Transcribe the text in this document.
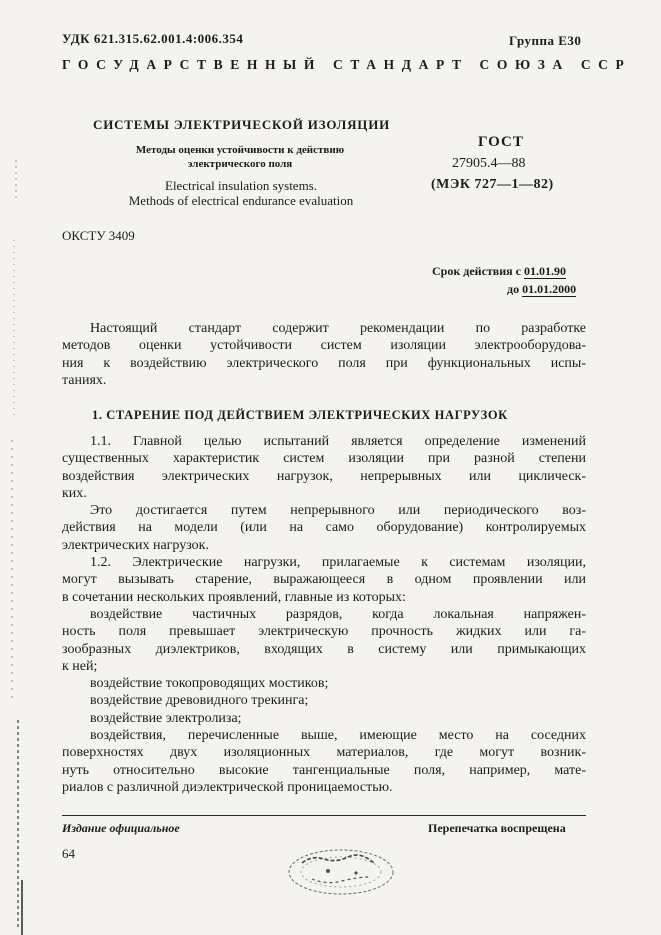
УДК 621.315.62.001.4:006.354	Группа Е30
ГОСУДАРСТВЕННЫЙ СТАНДАРТ СОЮЗА ССР
СИСТЕМЫ ЭЛЕКТРИЧЕСКОЙ ИЗОЛЯЦИИ
Методы оценки устойчивости к действию
электрического поля
Electrical insulation systems.
Methods of electrical endurance evaluation
ГОСТ
27905.4—88
(МЭК 727—1—82)
ОКСТУ 3409
Срок действия с 01.01.90
до 01.01.2000
Настоящий стандарт содержит рекомендации по разработке
методов оценки устойчивости систем изоляции электрооборудова-
ния к воздействию электрического поля при функциональных испы-
таниях.
1. СТАРЕНИЕ ПОД ДЕЙСТВИЕМ ЭЛЕКТРИЧЕСКИХ НАГРУЗОК
1.1. Главной целью испытаний является определение изменений
существенных характеристик систем изоляции при разной степени
воздействия электрических нагрузок, непрерывных или циклическ-
ких.
Это достигается путем непрерывного или периодического воз-
действия на модели (или на само оборудование) контролируемых
электрических нагрузок.
1.2. Электрические нагрузки, прилагаемые к системам изоляции,
могут вызывать старение, выражающееся в одном проявлении или
в сочетании нескольких проявлений, главные из которых:
воздействие частичных разрядов, когда локальная напряжен-
ность поля превышает электрическую прочность жидких или га-
зообразных диэлектриков, входящих в систему или примыкающих
к ней;
воздействие токопроводящих мостиков;
воздействие древовидного трекинга;
воздействие электролиза;
воздействия, перечисленные выше, имеющие место на соседних
поверхностях двух изоляционных материалов, где могут возник-
нуть относительно высокие тангенциальные поля, например, мате-
риалов с различной диэлектрической проницаемостью.
Издание официальное	Перепечатка воспрещена
64
